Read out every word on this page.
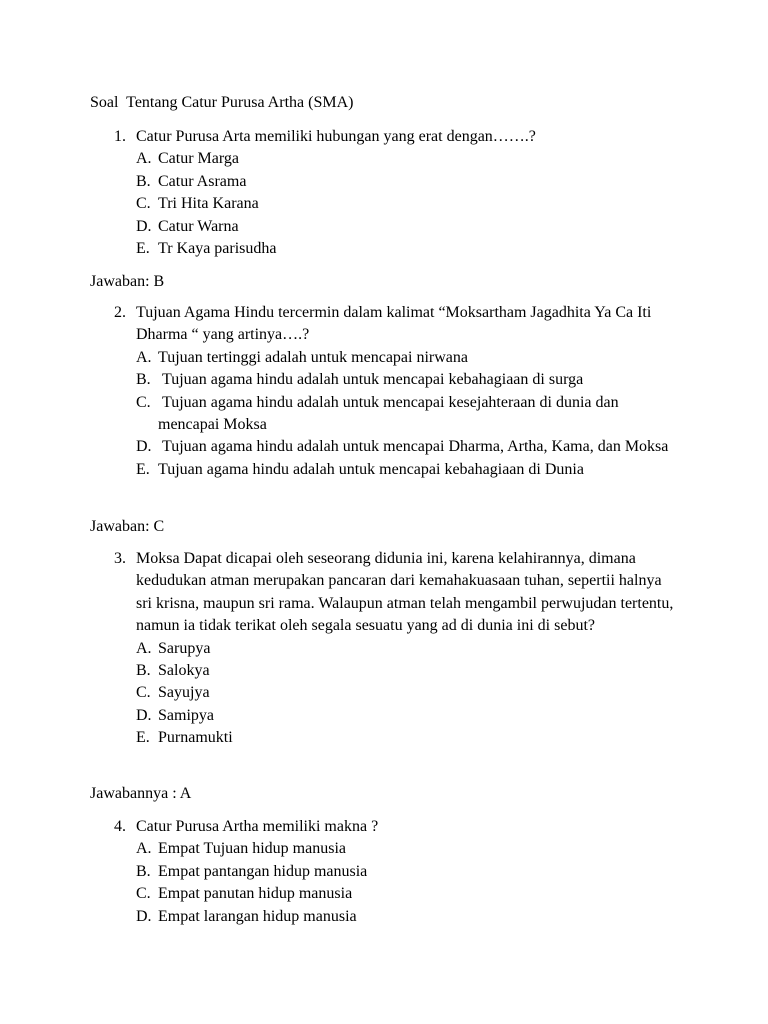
Soal  Tentang Catur Purusa Artha (SMA)
1. Catur Purusa Arta memiliki hubungan yang erat dengan…….?
A. Catur Marga
B. Catur Asrama
C. Tri Hita Karana
D. Catur Warna
E. Tr Kaya parisudha
Jawaban: B
2. Tujuan Agama Hindu tercermin dalam kalimat “Moksartham Jagadhita Ya Ca Iti Dharma “ yang artinya….?
A. Tujuan tertinggi adalah untuk mencapai nirwana
B. Tujuan agama hindu adalah untuk mencapai kebahagiaan di surga
C. Tujuan agama hindu adalah untuk mencapai kesejahteraan di dunia dan mencapai Moksa
D. Tujuan agama hindu adalah untuk mencapai Dharma, Artha, Kama, dan Moksa
E. Tujuan agama hindu adalah untuk mencapai kebahagiaan di Dunia
Jawaban: C
3. Moksa Dapat dicapai oleh seseorang didunia ini, karena kelahirannya, dimana kedudukan atman merupakan pancaran dari kemahakuasaan tuhan, sepertii halnya sri krisna, maupun sri rama. Walaupun atman telah mengambil perwujudan tertentu, namun ia tidak terikat oleh segala sesuatu yang ad di dunia ini di sebut?
A. Sarupya
B. Salokya
C. Sayujya
D. Samipya
E. Purnamukti
Jawabannya : A
4. Catur Purusa Artha memiliki makna ?
A. Empat Tujuan hidup manusia
B. Empat pantangan hidup manusia
C. Empat panutan hidup manusia
D. Empat larangan hidup manusia
